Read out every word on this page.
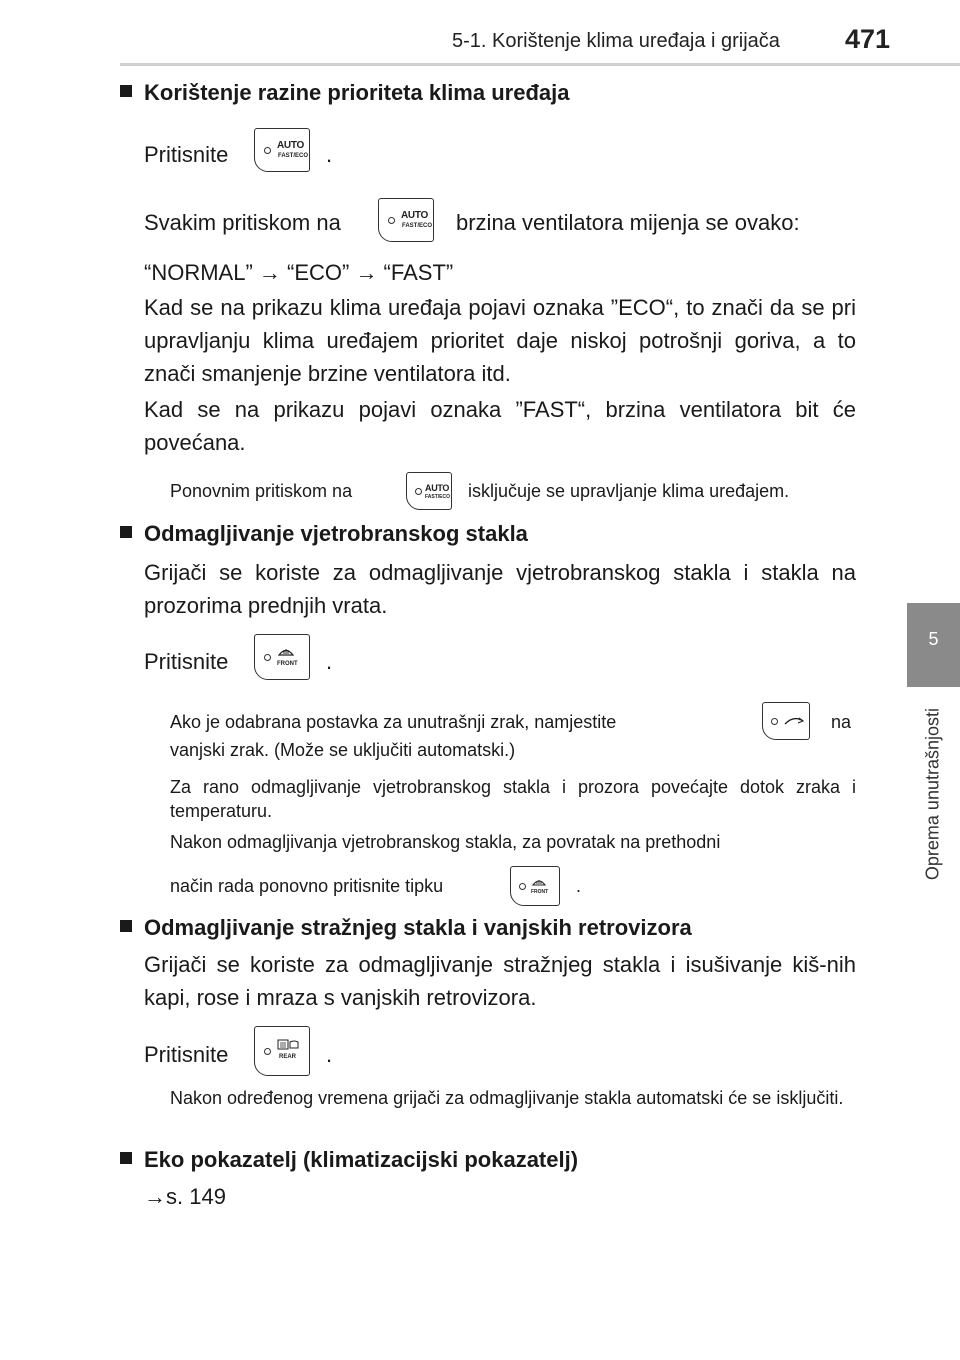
5-1. Korištenje klima uređaja i grijača 471
5
Oprema unutrašnjosti
Korištenje razine prioriteta klima uređaja
Pritisnite	AUTO
FAST/ECO .
Svakim pritiskom na	AUTO
FAST/ECO brzina ventilatora mijenja se ovako:
“NORMAL” → “ECO” → “FAST”
Kad se na prikazu klima uređaja pojavi oznaka ”ECO“, to znači da se pri upravljanju klima uređajem prioritet daje niskoj potrošnji goriva, a to znači smanjenje brzine ventilatora itd.
Kad se na prikazu pojavi oznaka ”FAST“, brzina ventilatora bit će povećana.
Ponovnim pritiskom na	AUTO
FAST/ECO isključuje se upravljanje klima uređajem.
Odmagljivanje vjetrobranskog stakla
Grijači se koriste za odmagljivanje vjetrobranskog stakla i stakla na prozorima prednjih vrata.
Pritisnite	FRONT .
Ako je odabrana postavka za unutrašnji zrak, namjestite	na
vanjski zrak. (Može se uključiti automatski.)
Za rano odmagljivanje vjetrobranskog stakla i prozora povećajte dotok zraka i temperaturu.
Nakon odmagljivanja vjetrobranskog stakla, za povratak na prethodni
način rada ponovno pritisnite tipku	FRONT .
Odmagljivanje stražnjeg stakla i vanjskih retrovizora
Grijači se koriste za odmagljivanje stražnjeg stakla i isušivanje kiš-nih kapi, rose i mraza s vanjskih retrovizora.
Pritisnite	REAR .
Nakon određenog vremena grijači za odmagljivanje stakla automatski će se isključiti.
Eko pokazatelj (klimatizacijski pokazatelj)
→s. 149
